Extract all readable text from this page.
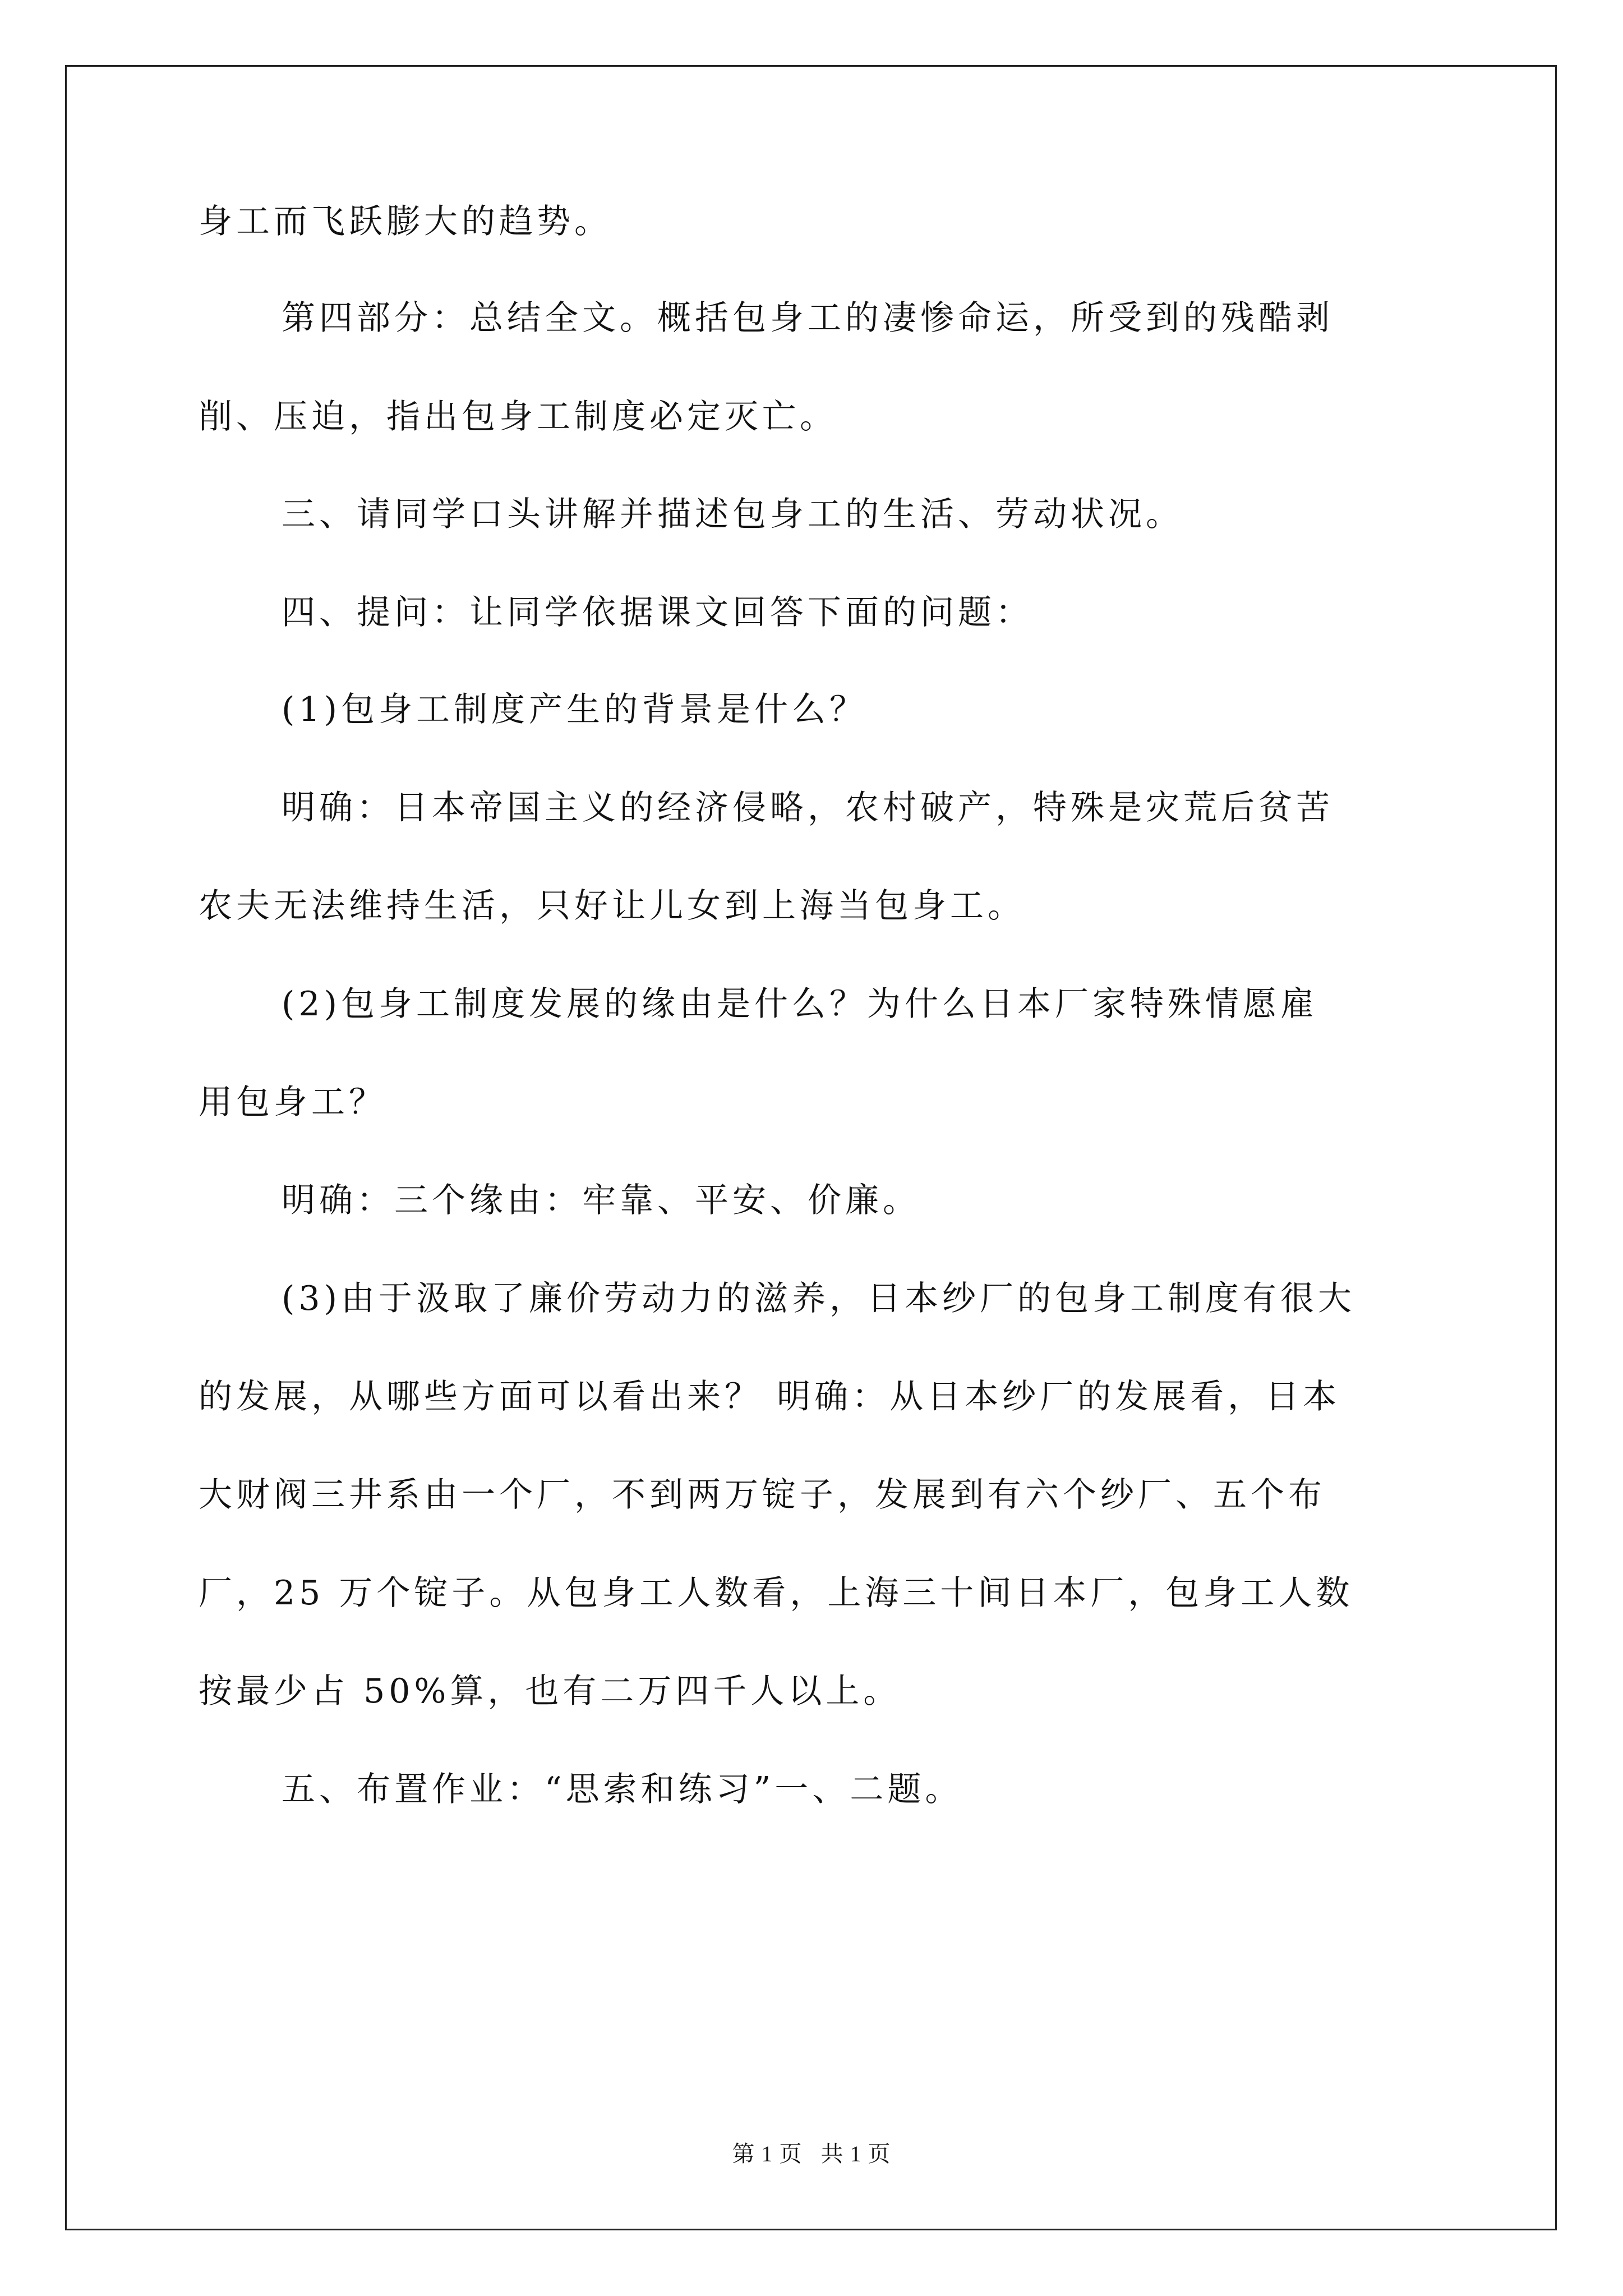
身工而飞跃膨大的趋势。
第四部分：总结全文。概括包身工的凄惨命运，所受到的残酷剥
削、压迫，指出包身工制度必定灭亡。
三、请同学口头讲解并描述包身工的生活、劳动状况。
四、提问：让同学依据课文回答下面的问题：
(1)包身工制度产生的背景是什么？
明确：日本帝国主义的经济侵略，农村破产，特殊是灾荒后贫苦
农夫无法维持生活，只好让儿女到上海当包身工。
(2)包身工制度发展的缘由是什么？为什么日本厂家特殊情愿雇
用包身工？
明确：三个缘由：牢靠、平安、价廉。
(3)由于汲取了廉价劳动力的滋养，日本纱厂的包身工制度有很大
的发展，从哪些方面可以看出来？ 明确：从日本纱厂的发展看，日本
大财阀三井系由一个厂，不到两万锭子，发展到有六个纱厂、五个布
厂，25 万个锭子。从包身工人数看，上海三十间日本厂，包身工人数
按最少占 50%算，也有二万四千人以上。
五、布置作业：“思索和练习”一、二题。
第 1 页   共 1 页
